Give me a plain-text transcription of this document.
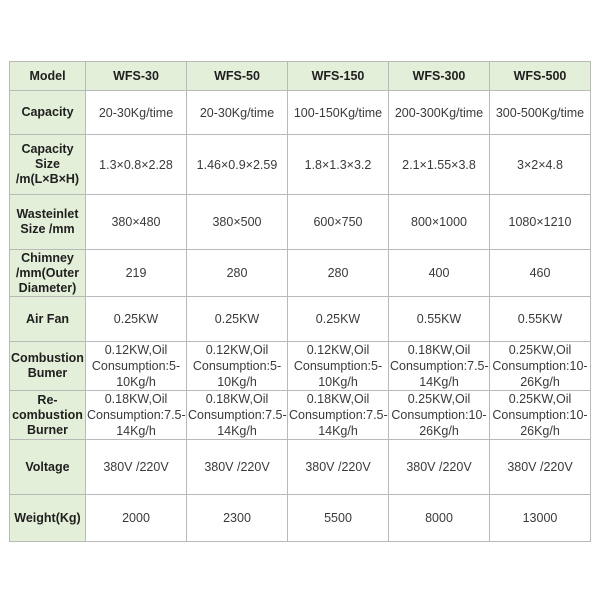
Model	WFS-30	WFS-50	WFS-150	WFS-300	WFS-500
Capacity	20-30Kg/time	20-30Kg/time	100-150Kg/time	200-300Kg/time	300-500Kg/time
Capacity Size /m(L×B×H)	1.3×0.8×2.28	1.46×0.9×2.59	1.8×1.3×3.2	2.1×1.55×3.8	3×2×4.8
Wasteinlet Size /mm	380×480	380×500	600×750	800×1000	1080×1210
Chimney /mm(Outer Diameter)	219	280	280	400	460
Air Fan	0.25KW	0.25KW	0.25KW	0.55KW	0.55KW
Combustion Bumer	0.12KW,Oil Consumption:5-10Kg/h	0.12KW,Oil Consumption:5-10Kg/h	0.12KW,Oil Consumption:5-10Kg/h	0.18KW,Oil Consumption:7.5-14Kg/h	0.25KW,Oil Consumption:10-26Kg/h
Re-combustion Burner	0.18KW,Oil Consumption:7.5-14Kg/h	0.18KW,Oil Consumption:7.5-14Kg/h	0.18KW,Oil Consumption:7.5-14Kg/h	0.25KW,Oil Consumption:10-26Kg/h	0.25KW,Oil Consumption:10-26Kg/h
Voltage	380V /220V	380V /220V	380V /220V	380V /220V	380V /220V
Weight(Kg)	2000	2300	5500	8000	13000
